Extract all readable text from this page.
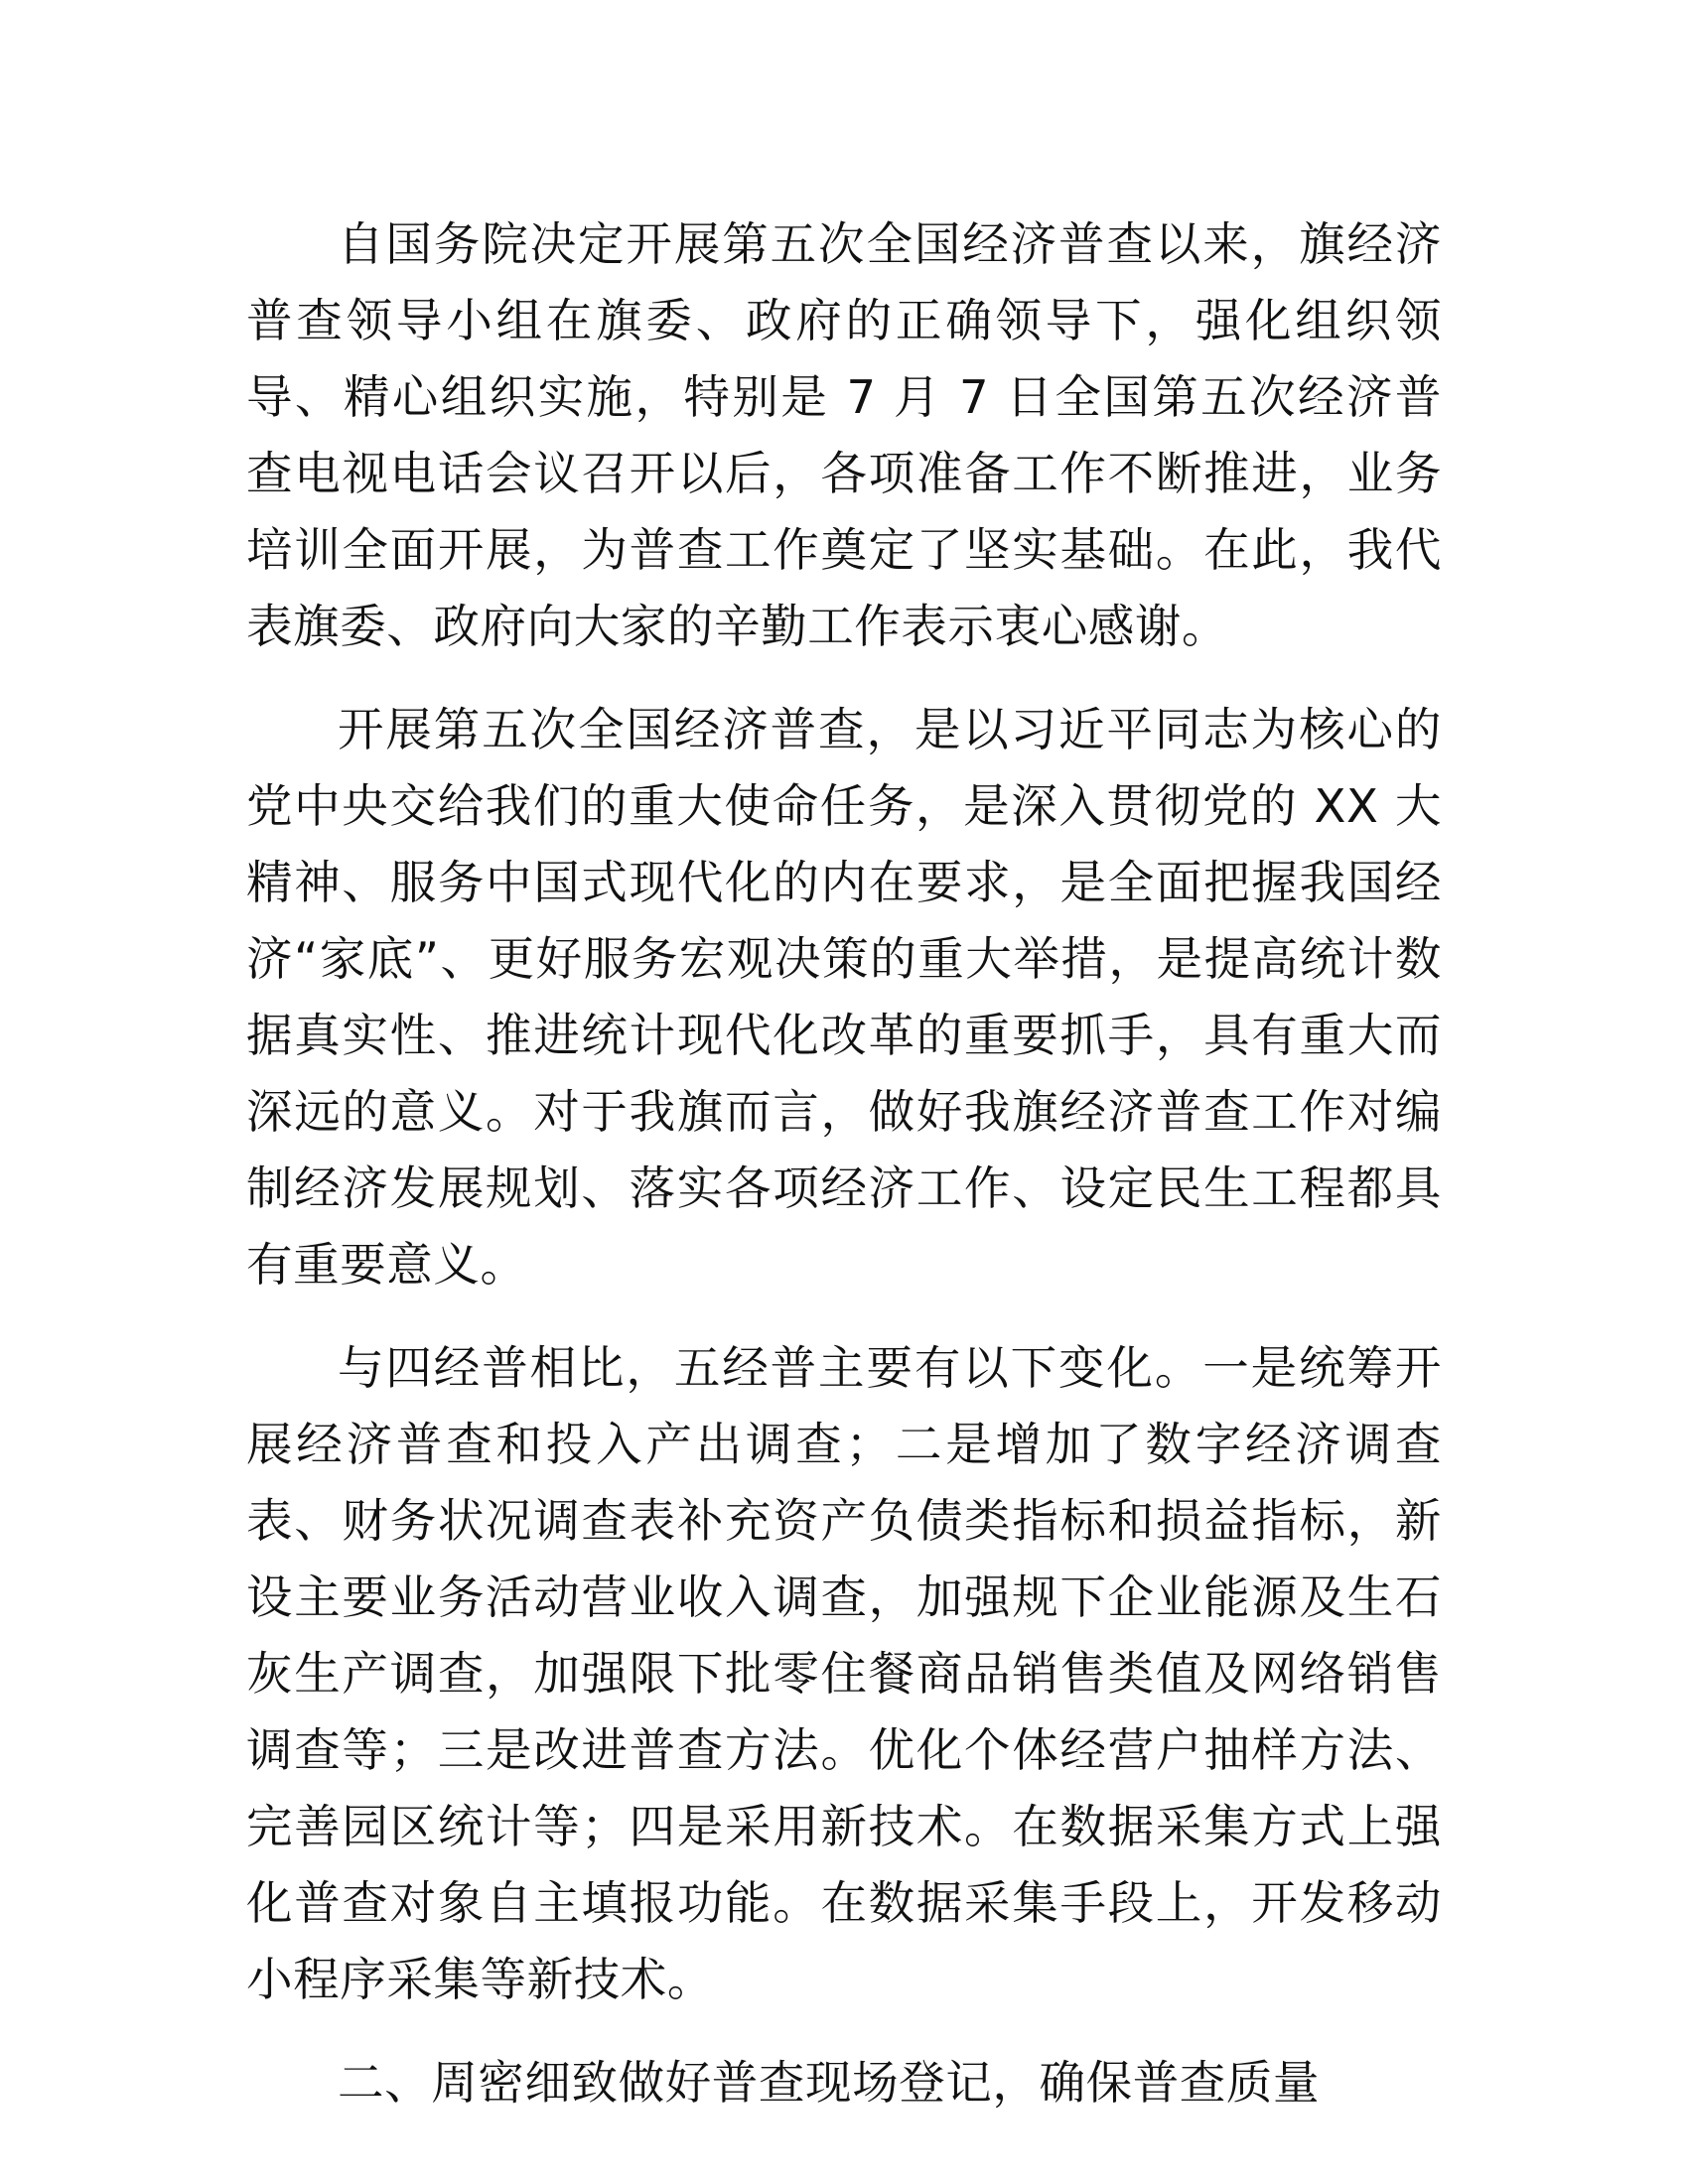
自国务院决定开展第五次全国经济普查以来，旗经济普查领导小组在旗委、政府的正确领导下，强化组织领导、精心组织实施，特别是 7 月 7 日全国第五次经济普查电视电话会议召开以后，各项准备工作不断推进，业务培训全面开展，为普查工作奠定了坚实基础。在此，我代表旗委、政府向大家的辛勤工作表示衷心感谢。

开展第五次全国经济普查，是以习近平同志为核心的党中央交给我们的重大使命任务，是深入贯彻党的 XX 大精神、服务中国式现代化的内在要求，是全面把握我国经济“家底”、更好服务宏观决策的重大举措，是提高统计数据真实性、推进统计现代化改革的重要抓手，具有重大而深远的意义。对于我旗而言，做好我旗经济普查工作对编制经济发展规划、落实各项经济工作、设定民生工程都具有重要意义。

与四经普相比，五经普主要有以下变化。一是统筹开展经济普查和投入产出调查；二是增加了数字经济调查表、财务状况调查表补充资产负债类指标和损益指标，新设主要业务活动营业收入调查，加强规下企业能源及生石灰生产调查，加强限下批零住餐商品销售类值及网络销售调查等；三是改进普查方法。优化个体经营户抽样方法、完善园区统计等；四是采用新技术。在数据采集方式上强化普查对象自主填报功能。在数据采集手段上，开发移动小程序采集等新技术。

二、周密细致做好普查现场登记，确保普查质量
